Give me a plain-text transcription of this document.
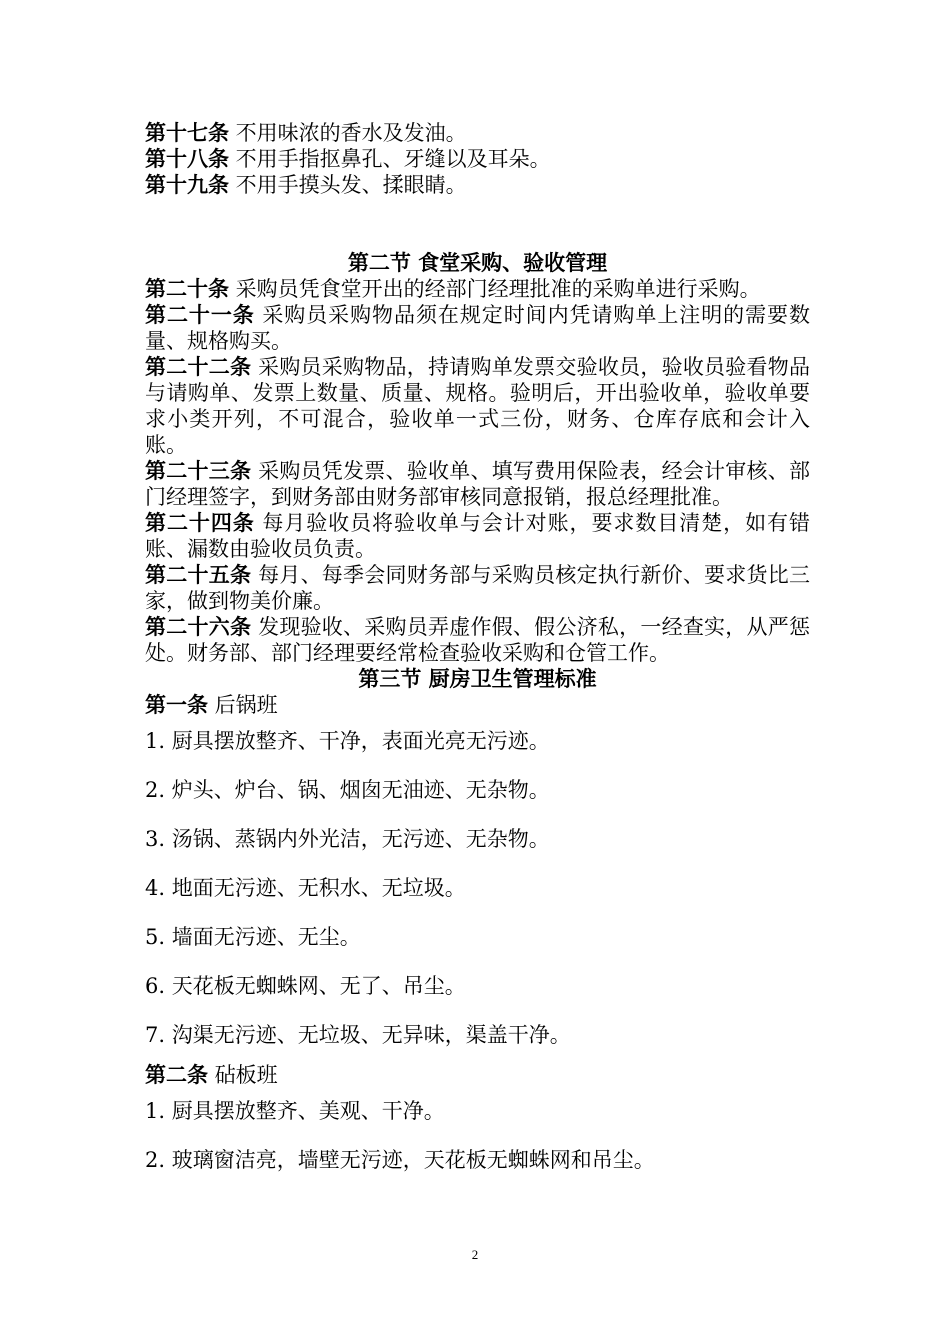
第十七条 不用味浓的香水及发油。

第十八条 不用手指抠鼻孔、牙缝以及耳朵。

第十九条 不用手摸头发、揉眼睛。

第二节 食堂采购、验收管理

第二十条 采购员凭食堂开出的经部门经理批准的采购单进行采购。

第二十一条 采购员采购物品须在规定时间内凭请购单上注明的需要数量、规格购买。

第二十二条 采购员采购物品，持请购单发票交验收员，验收员验看物品与请购单、发票上数量、质量、规格。验明后，开出验收单，验收单要求小类开列，不可混合，验收单一式三份，财务、仓库存底和会计入账。

第二十三条 采购员凭发票、验收单、填写费用保险表，经会计审核、部门经理签字，到财务部由财务部审核同意报销，报总经理批准。

第二十四条 每月验收员将验收单与会计对账，要求数目清楚，如有错账、漏数由验收员负责。

第二十五条 每月、每季会同财务部与采购员核定执行新价、要求货比三家，做到物美价廉。

第二十六条 发现验收、采购员弄虚作假、假公济私，一经查实，从严惩处。财务部、部门经理要经常检查验收采购和仓管工作。

第三节 厨房卫生管理标准

第一条 后锅班

1. 厨具摆放整齐、干净，表面光亮无污迹。

2. 炉头、炉台、锅、烟囱无油迹、无杂物。

3. 汤锅、蒸锅内外光洁，无污迹、无杂物。

4. 地面无污迹、无积水、无垃圾。

5. 墙面无污迹、无尘。

6. 天花板无蜘蛛网、无了、吊尘。

7. 沟渠无污迹、无垃圾、无异味，渠盖干净。

第二条 砧板班

1. 厨具摆放整齐、美观、干净。

2. 玻璃窗洁亮，墙壁无污迹，天花板无蜘蛛网和吊尘。

2
